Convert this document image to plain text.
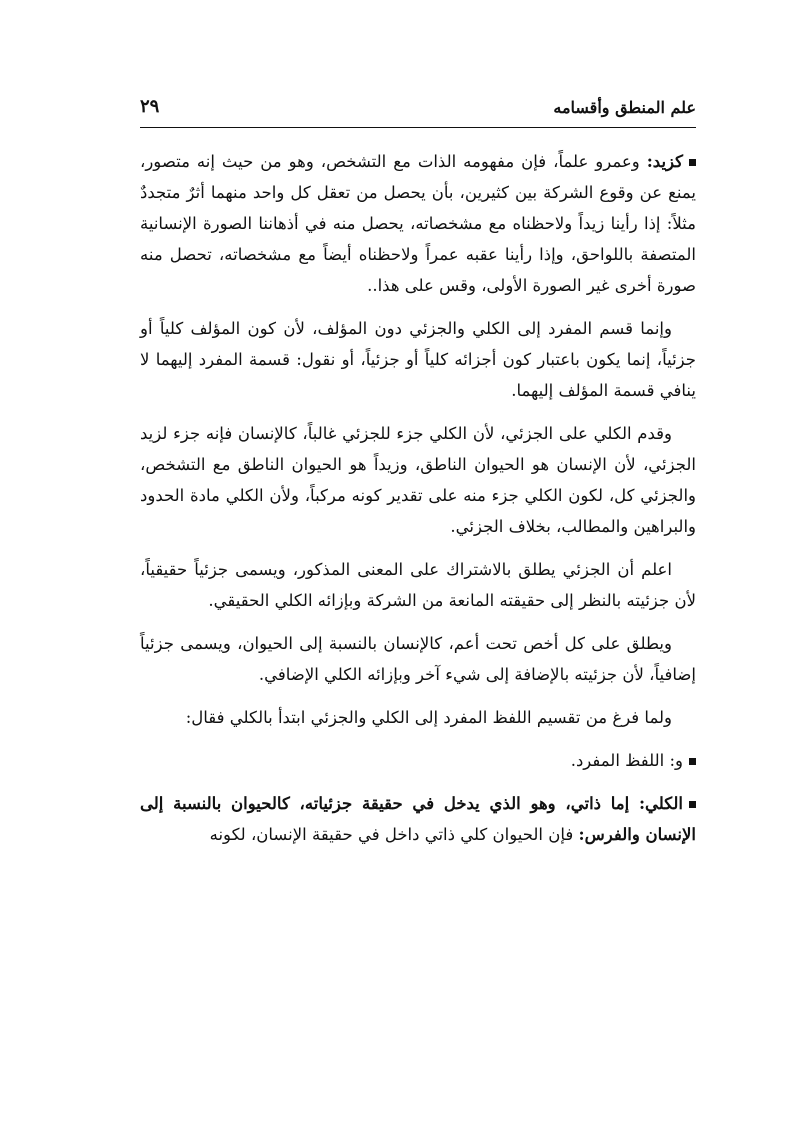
علم المنطق وأقسامه
٢٩

كزيد: وعمرو علماً، فإن مفهومه الذات مع التشخص، وهو من حيث إنه متصور، يمنع عن وقوع الشركة بين كثيرين، بأن يحصل من تعقل كل واحد منهما أثرٌ متجددٌ مثلاً: إذا رأينا زيداً ولاحظناه مع مشخصاته، يحصل منه في أذهاننا الصورة الإنسانية المتصفة باللواحق، وإذا رأينا عقبه عمراً ولاحظناه أيضاً مع مشخصاته، تحصل منه صورة أخرى غير الصورة الأولى، وقس على هذا..

وإنما قسم المفرد إلى الكلي والجزئي دون المؤلف، لأن كون المؤلف كلياً أو جزئياً، إنما يكون باعتبار كون أجزائه كلياً أو جزئياً، أو نقول: قسمة المفرد إليهما لا ينافي قسمة المؤلف إليهما.

وقدم الكلي على الجزئي، لأن الكلي جزء للجزئي غالباً، كالإنسان فإنه جزء لزيد الجزئي، لأن الإنسان هو الحيوان الناطق، وزيداً هو الحيوان الناطق مع التشخص، والجزئي كل، لكون الكلي جزء منه على تقدير كونه مركباً، ولأن الكلي مادة الحدود والبراهين والمطالب، بخلاف الجزئي.

اعلم أن الجزئي يطلق بالاشتراك على المعنى المذكور، ويسمى جزئياً حقيقياً، لأن جزئيته بالنظر إلى حقيقته المانعة من الشركة وبإزائه الكلي الحقيقي.

ويطلق على كل أخص تحت أعم، كالإنسان بالنسبة إلى الحيوان، ويسمى جزئياً إضافياً، لأن جزئيته بالإضافة إلى شيء آخر وبإزائه الكلي الإضافي.

ولما فرغ من تقسيم اللفظ المفرد إلى الكلي والجزئي ابتدأ بالكلي فقال:

و: اللفظ المفرد.

الكلي: إما ذاتي، وهو الذي يدخل في حقيقة جزئياته، كالحيوان بالنسبة إلى الإنسان والفرس: فإن الحيوان كلي ذاتي داخل في حقيقة الإنسان، لكونه
